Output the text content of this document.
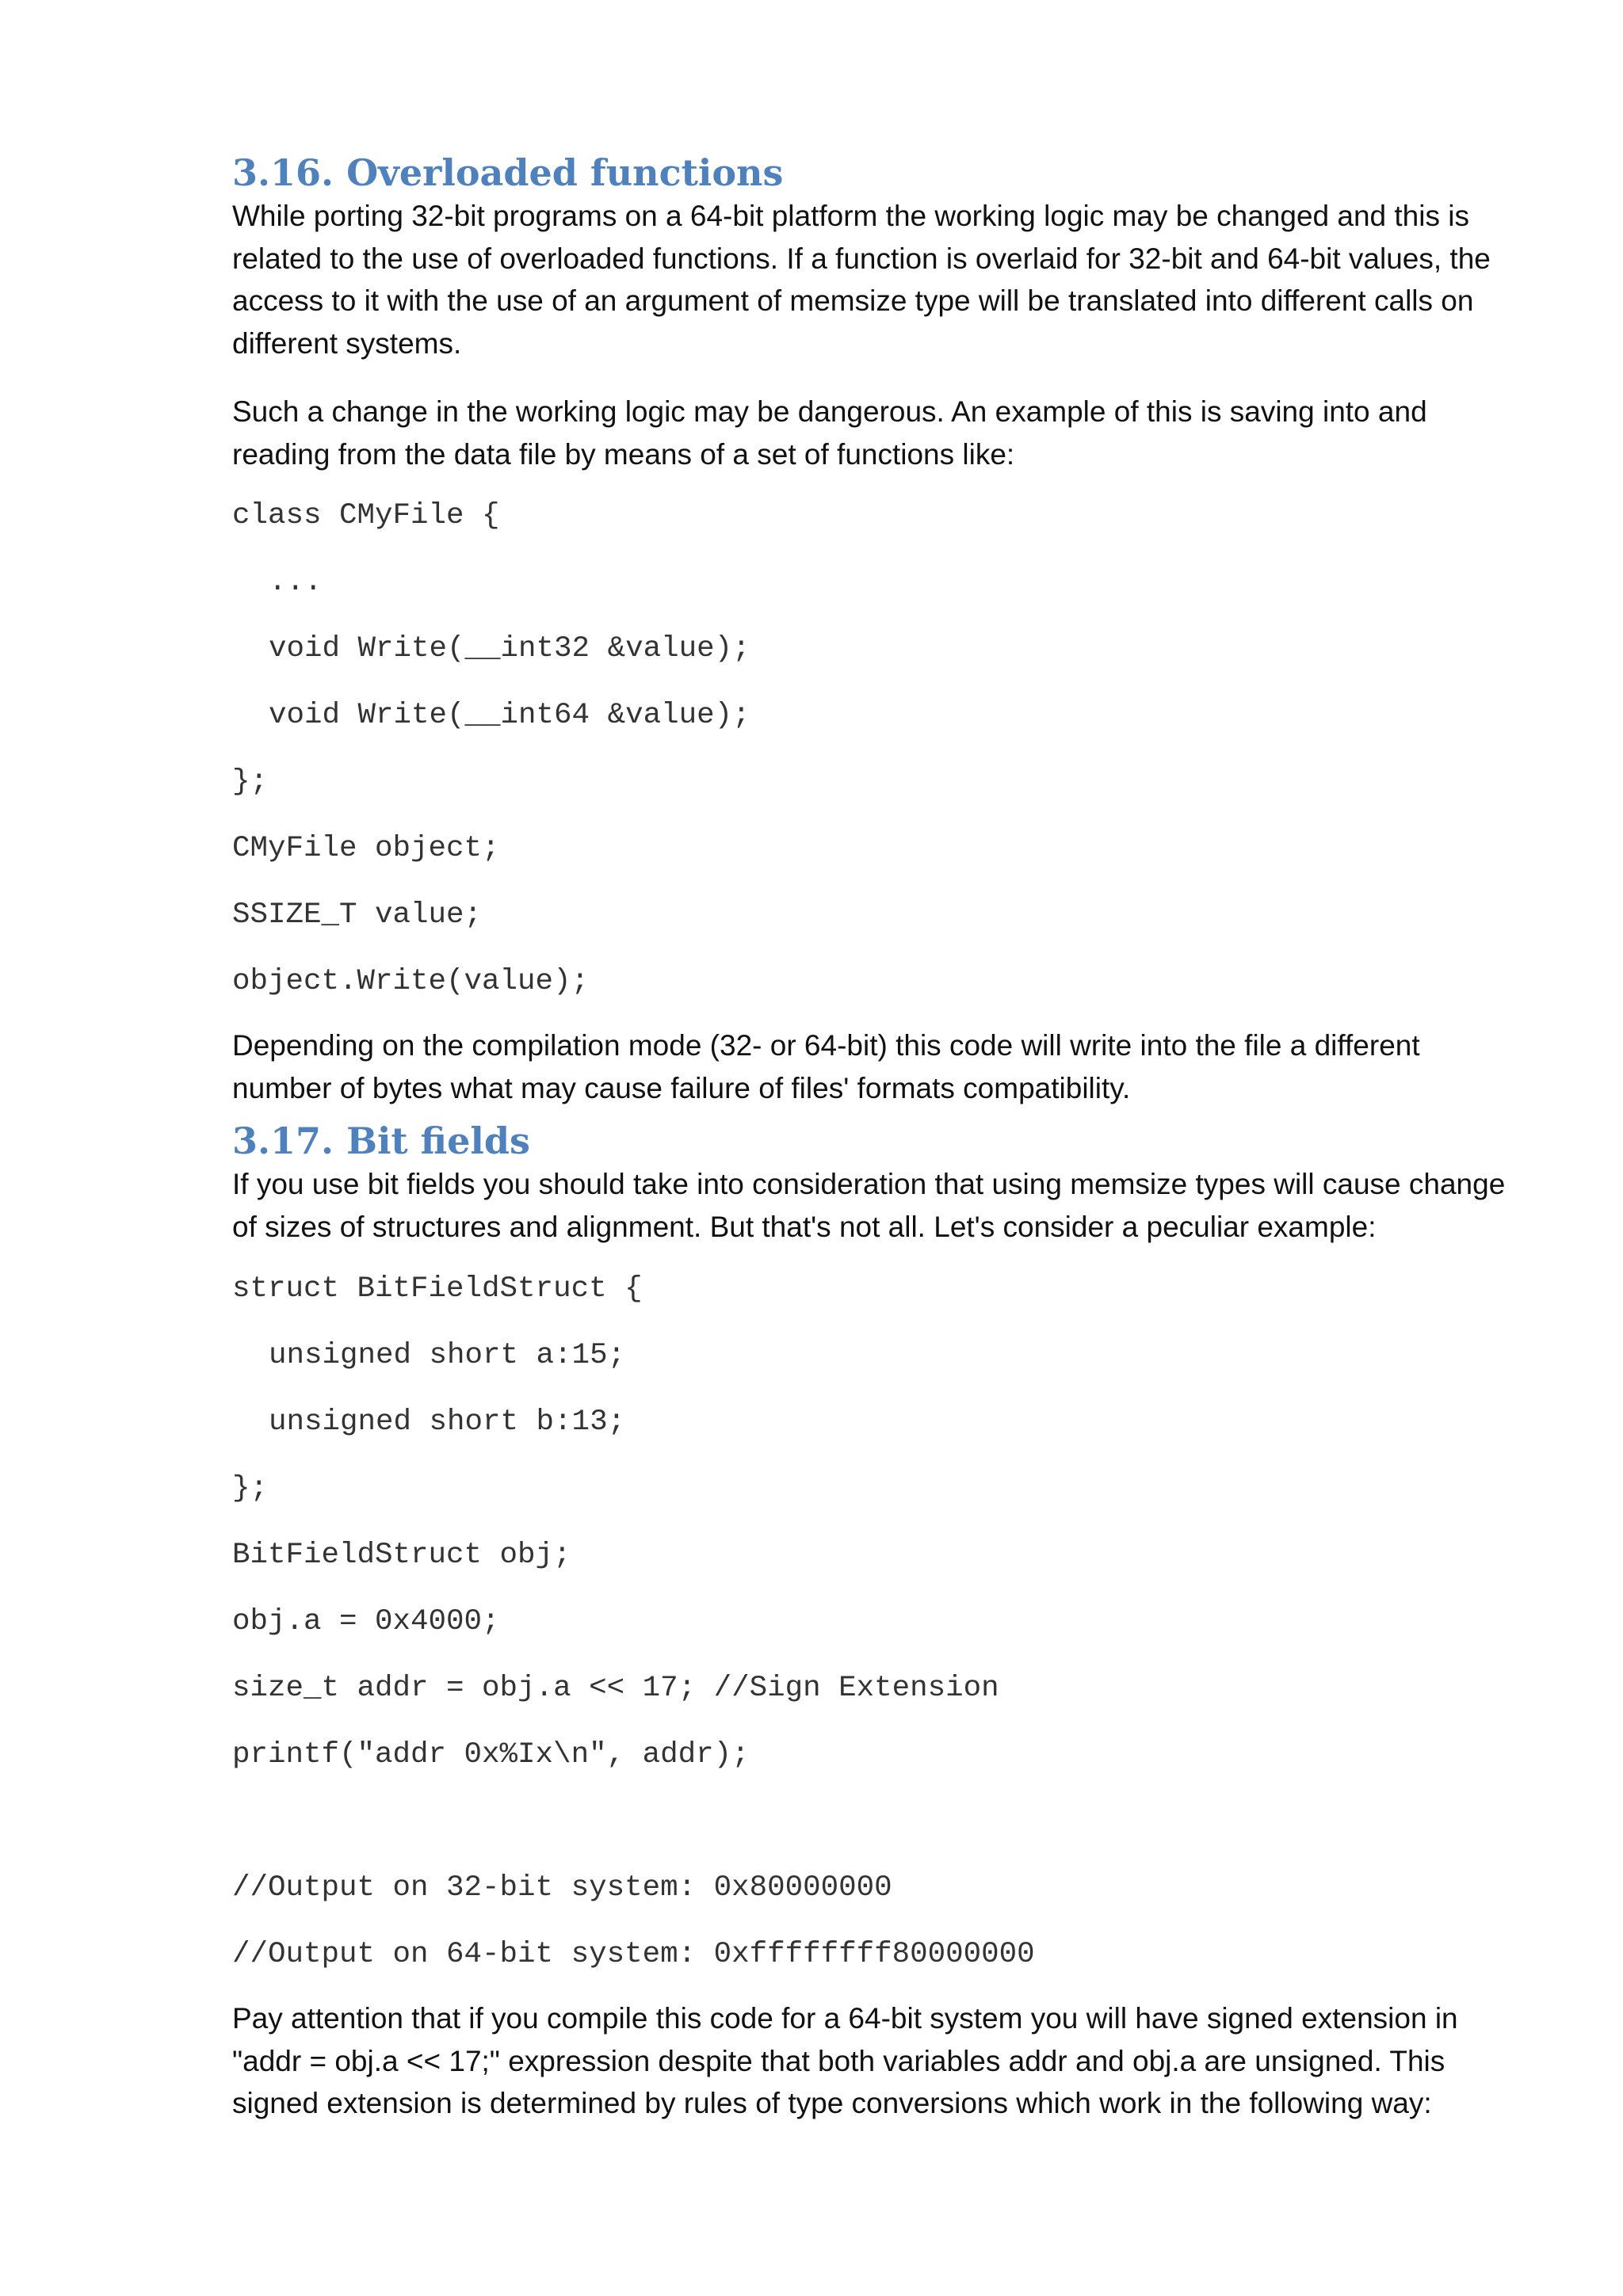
3.16. Overloaded functions

While porting 32-bit programs on a 64-bit platform the working logic may be changed and this is related to the use of overloaded functions. If a function is overlaid for 32-bit and 64-bit values, the access to it with the use of an argument of memsize type will be translated into different calls on different systems.

Such a change in the working logic may be dangerous. An example of this is saving into and reading from the data file by means of a set of functions like:

class CMyFile {
...
void Write(__int32 &value);
void Write(__int64 &value);
};
CMyFile object;
SSIZE_T value;
object.Write(value);

Depending on the compilation mode (32- or 64-bit) this code will write into the file a different number of bytes what may cause failure of files' formats compatibility.

3.17. Bit fields

If you use bit fields you should take into consideration that using memsize types will cause change of sizes of structures and alignment. But that's not all. Let's consider a peculiar example:

struct BitFieldStruct {
unsigned short a:15;
unsigned short b:13;
};
BitFieldStruct obj;
obj.a = 0x4000;
size_t addr = obj.a << 17; //Sign Extension
printf("addr 0x%Ix\n", addr);
//Output on 32-bit system: 0x80000000
//Output on 64-bit system: 0xffffffff80000000

Pay attention that if you compile this code for a 64-bit system you will have signed extension in "addr = obj.a << 17;" expression despite that both variables addr and obj.a are unsigned. This signed extension is determined by rules of type conversions which work in the following way:
